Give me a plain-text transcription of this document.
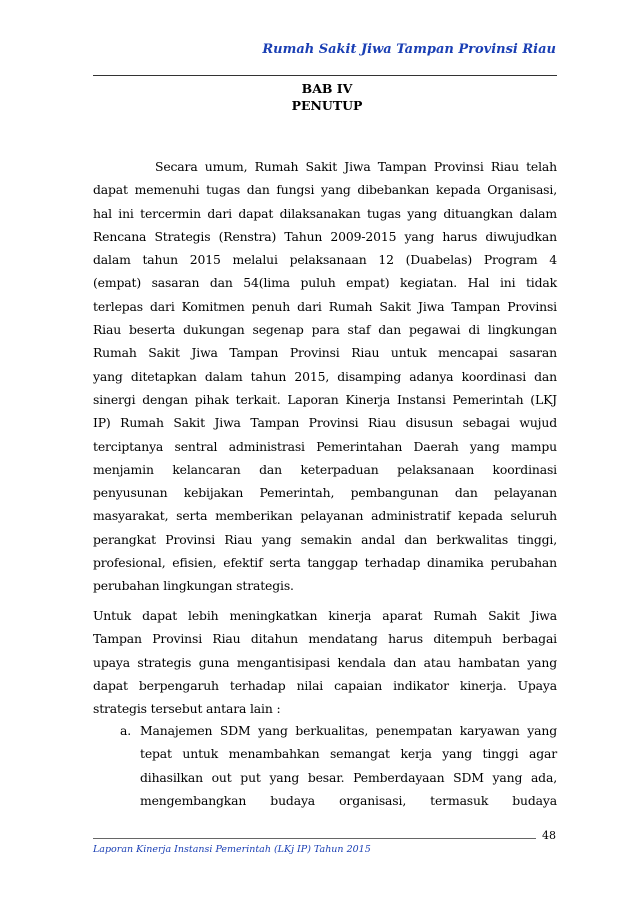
Rumah Sakit Jiwa Tampan Provinsi Riau
BAB IV
PENUTUP
Secara umum, Rumah Sakit Jiwa Tampan Provinsi Riau telah
dapat memenuhi tugas dan fungsi yang dibebankan kepada Organisasi,
hal ini tercermin dari dapat dilaksanakan tugas yang dituangkan dalam
Rencana Strategis (Renstra) Tahun 2009-2015 yang harus diwujudkan
dalam tahun 2015 melalui pelaksanaan 12 (Duabelas) Program 4
(empat) sasaran dan 54(lima puluh empat) kegiatan. Hal ini tidak
terlepas dari Komitmen penuh dari Rumah Sakit Jiwa Tampan Provinsi
Riau beserta dukungan segenap para staf dan pegawai di lingkungan
Rumah Sakit Jiwa Tampan Provinsi Riau untuk mencapai sasaran
yang ditetapkan dalam tahun 2015, disamping adanya koordinasi dan
sinergi dengan pihak terkait. Laporan Kinerja Instansi Pemerintah (LKJ
IP) Rumah Sakit Jiwa Tampan Provinsi Riau disusun sebagai wujud
terciptanya sentral administrasi Pemerintahan Daerah yang mampu
menjamin kelancaran dan keterpaduan pelaksanaan koordinasi
penyusunan kebijakan Pemerintah, pembangunan dan pelayanan
masyarakat, serta memberikan pelayanan administratif kepada seluruh
perangkat Provinsi Riau yang semakin andal dan berkwalitas tinggi,
profesional, efisien, efektif serta tanggap terhadap dinamika perubahan
perubahan lingkungan strategis.
Untuk dapat lebih meningkatkan kinerja aparat Rumah Sakit Jiwa
Tampan Provinsi Riau ditahun mendatang harus ditempuh berbagai
upaya strategis guna mengantisipasi kendala dan atau hambatan yang
dapat berpengaruh terhadap nilai capaian indikator kinerja. Upaya
strategis tersebut antara lain :
a. Manajemen SDM yang berkualitas, penempatan karyawan yang
tepat untuk menambahkan semangat kerja yang tinggi agar
dihasilkan out put yang besar. Pemberdayaan SDM yang ada,
mengembangkan budaya organisasi, termasuk budaya
48
Laporan Kinerja Instansi Pemerintah (LKj IP) Tahun 2015
